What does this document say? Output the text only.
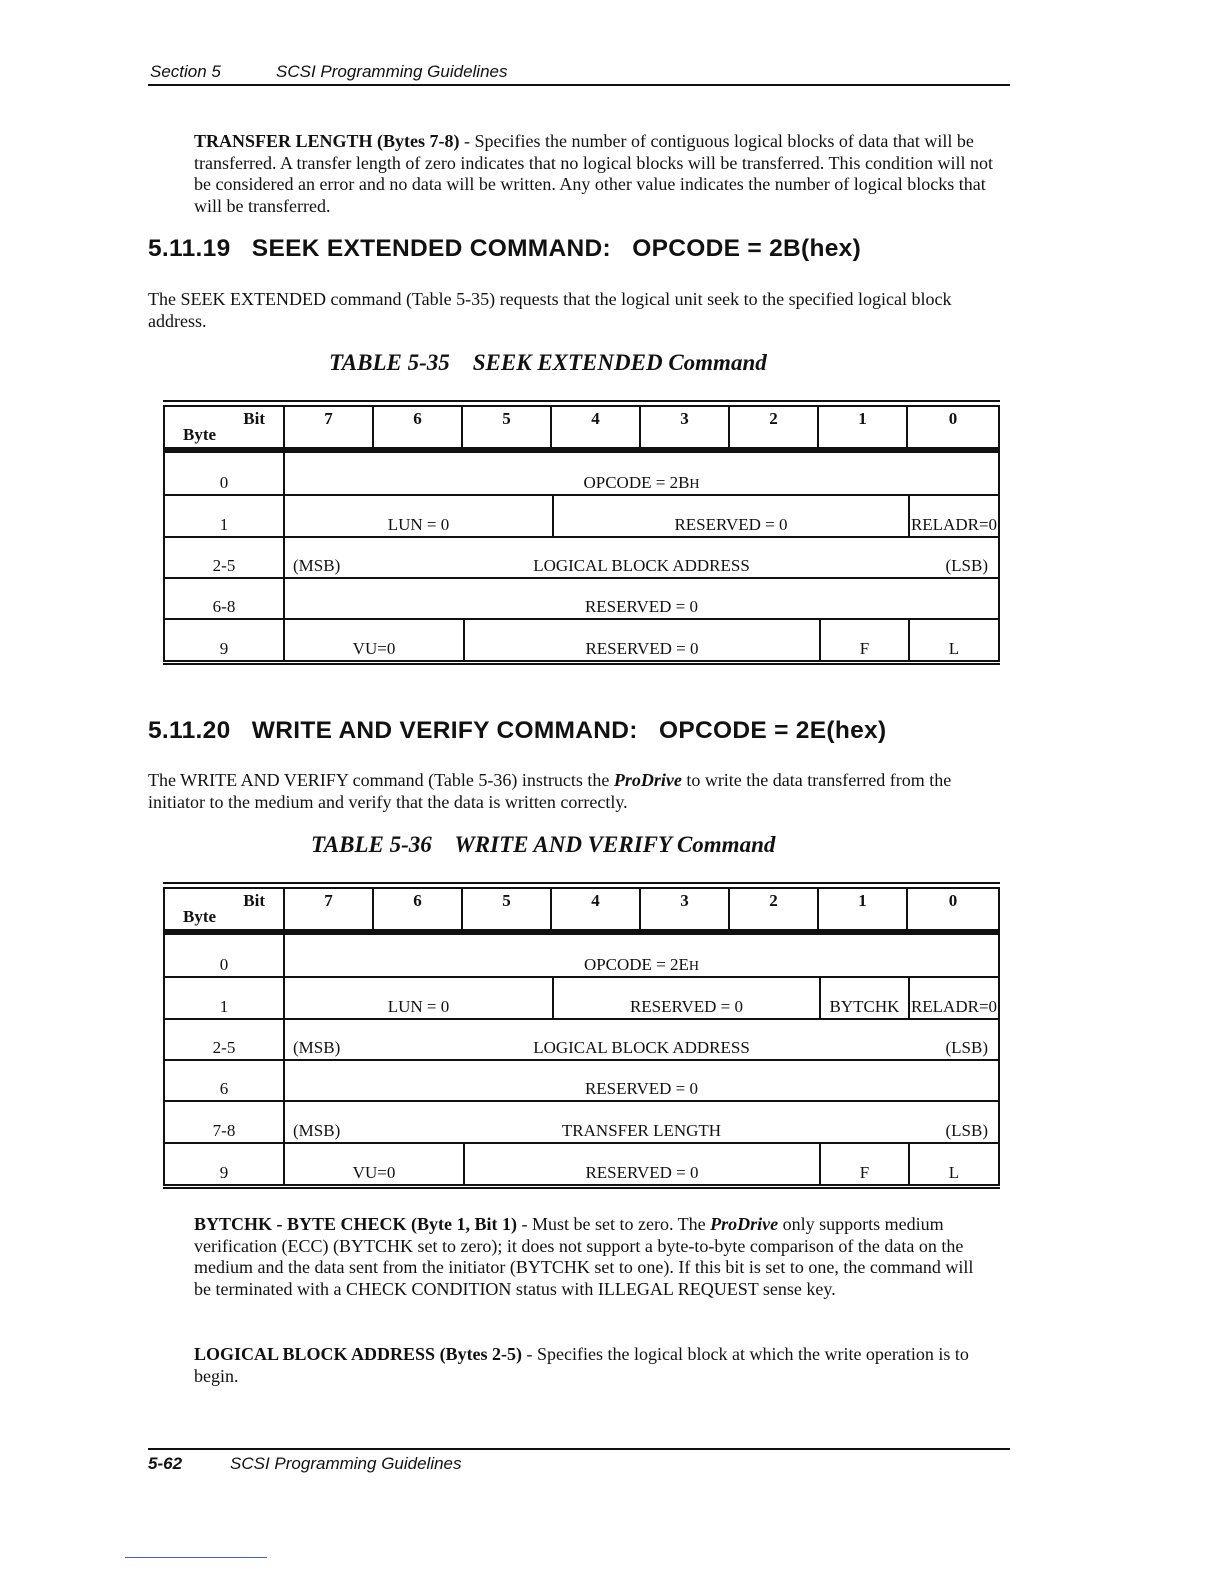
Section 5	SCSI Programming Guidelines

TRANSFER LENGTH (Bytes 7-8) - Specifies the number of contiguous logical blocks of data that will be transferred. A transfer length of zero indicates that no logical blocks will be transferred. This condition will not be considered an error and no data will be written. Any other value indicates the number of logical blocks that will be transferred.

5.11.19   SEEK EXTENDED COMMAND:   OPCODE = 2B(hex)

The SEEK EXTENDED command (Table 5-35) requests that the logical unit seek to the specified logical block address.

TABLE 5-35    SEEK EXTENDED Command
Bit
Byte
7	6	5	4	3	2	1	0
0	OPCODE = 2B H
1	LUN = 0	RESERVED = 0	RELADR=0
2-5	(MSB)	LOGICAL BLOCK ADDRESS	(LSB)
6-8	RESERVED = 0
9	VU=0	RESERVED = 0	F	L
5.11.20   WRITE AND VERIFY COMMAND:   OPCODE = 2E(hex)

The WRITE AND VERIFY command (Table 5-36) instructs the ProDrive to write the data transferred from the initiator to the medium and verify that the data is written correctly.

TABLE 5-36    WRITE AND VERIFY Command
Bit
Byte
7	6	5	4	3	2	1	0
0	OPCODE = 2E H
1	LUN = 0	RESERVED = 0	BYTCHK RELADR=0
2-5	(MSB)	LOGICAL BLOCK ADDRESS	(LSB)
6	RESERVED = 0
7-8	(MSB)	TRANSFER LENGTH	(LSB)
9	VU=0	RESERVED = 0	F	L

BYTCHK - BYTE CHECK (Byte 1, Bit 1) - Must be set to zero. The ProDrive only supports medium verification (ECC) (BYTCHK set to zero); it does not support a byte-to-byte comparison of the data on the medium and the data sent from the initiator (BYTCHK set to one). If this bit is set to one, the command will be terminated with a CHECK CONDITION status with ILLEGAL REQUEST sense key.

LOGICAL BLOCK ADDRESS (Bytes 2-5) - Specifies the logical block at which the write operation is to begin.

5-62	SCSI Programming Guidelines
